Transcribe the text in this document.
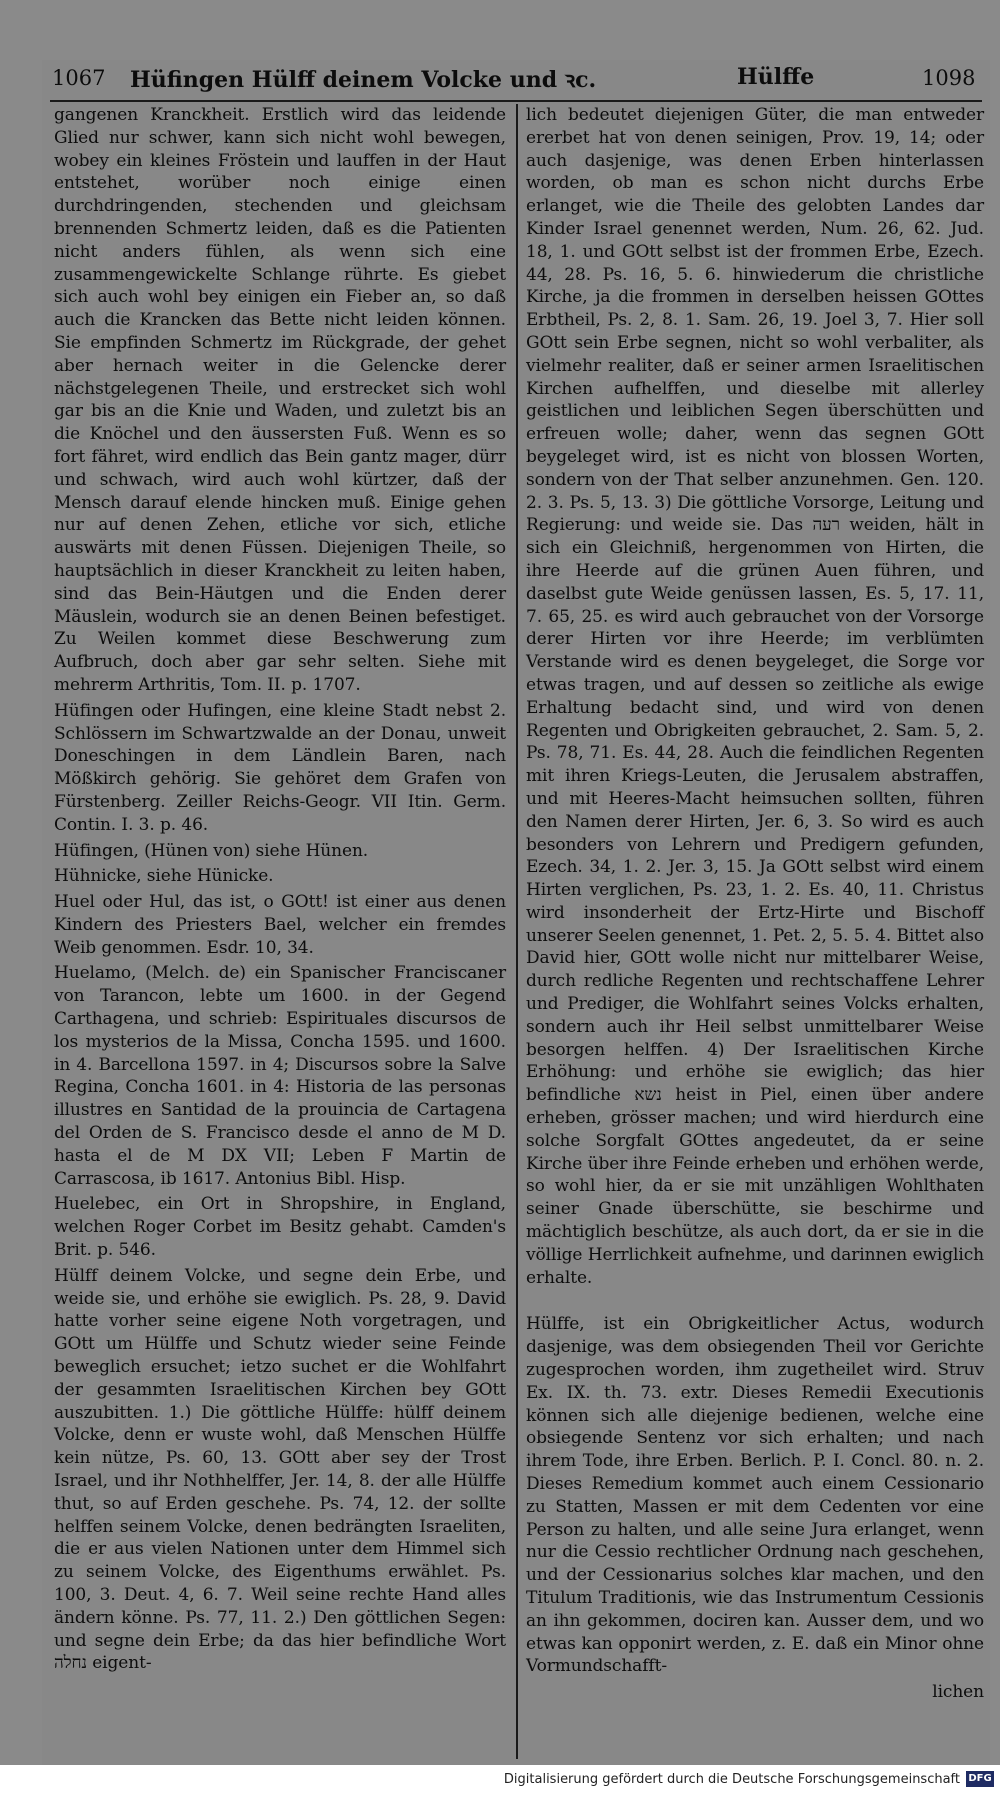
1067 Hüfingen Hülff deinem Volcke und ꝛc.	Hülffe	1098

gangenen Kranckheit. Erstlich wird das leidende Glied nur schwer, kann sich nicht wohl bewegen, wobey ein kleines Fröstein und lauffen in der Haut entstehet, worüber noch einige einen durchdringenden, stechenden und gleichsam brennenden Schmertz leiden, daß es die Patienten nicht anders fühlen, als wenn sich eine zusammengewickelte Schlange rührte. Es giebet sich auch wohl bey einigen ein Fieber an, so daß auch die Krancken das Bette nicht leiden können. Sie empfinden Schmertz im Rückgrade, der gehet aber hernach weiter in die Gelencke derer nächstgelegenen Theile, und erstrecket sich wohl gar bis an die Knie und Waden, und zuletzt bis an die Knöchel und den äussersten Fuß. Wenn es so fort fähret, wird endlich das Bein gantz mager, dürr und schwach, wird auch wohl kürtzer, daß der Mensch darauf elende hincken muß. Einige gehen nur auf denen Zehen, etliche vor sich, etliche auswärts mit denen Füssen. Diejenigen Theile, so hauptsächlich in dieser Kranckheit zu leiten haben, sind das Bein-Häutgen und die Enden derer Mäuslein, wodurch sie an denen Beinen befestiget. Zu Weilen kommet diese Beschwerung zum Aufbruch, doch aber gar sehr selten. Siehe mit mehrerm Arthritis, Tom. II. p. 1707.

Hüfingen oder Hufingen, eine kleine Stadt nebst 2. Schlössern im Schwartzwalde an der Donau, unweit Doneschingen in dem Ländlein Baren, nach Mößkirch gehörig. Sie gehöret dem Grafen von Fürstenberg. Zeiller Reichs-Geogr. VII Itin. Germ. Contin. I. 3. p. 46.

Hüfingen, (Hünen von) siehe Hünen.

Hühnicke, siehe Hünicke.

Huel oder Hul, das ist, o GOtt! ist einer aus denen Kindern des Priesters Bael, welcher ein fremdes Weib genommen. Esdr. 10, 34.

Huelamo, (Melch. de) ein Spanischer Franciscaner von Tarancon, lebte um 1600. in der Gegend Carthagena, und schrieb: Espirituales discursos de los mysterios de la Missa, Concha 1595. und 1600. in 4. Barcellona 1597. in 4; Discursos sobre la Salve Regina, Concha 1601. in 4: Historia de las personas illustres en Santidad de la prouincia de Cartagena del Orden de S. Francisco desde el anno de M D. hasta el de M DX VII; Leben F Martin de Carrascosa, ib 1617. Antonius Bibl. Hisp.

Huelebec, ein Ort in Shropshire, in England, welchen Roger Corbet im Besitz gehabt. Camden's Brit. p. 546.

Hülff deinem Volcke, und segne dein Erbe, und weide sie, und erhöhe sie ewiglich. Ps. 28, 9. David hatte vorher seine eigene Noth vorgetragen, und GOtt um Hülffe und Schutz wieder seine Feinde beweglich ersuchet; ietzo suchet er die Wohlfahrt der gesammten Israelitischen Kirchen bey GOtt auszubitten. 1.) Die göttliche Hülffe: hülff deinem Volcke, denn er wuste wohl, daß Menschen Hülffe kein nütze, Ps. 60, 13. GOtt aber sey der Trost Israel, und ihr Nothhelffer, Jer. 14, 8. der alle Hülffe thut, so auf Erden geschehe. Ps. 74, 12. der sollte helffen seinem Volcke, denen bedrängten Israeliten, die er aus vielen Nationen unter dem Himmel sich zu seinem Volcke, des Eigenthums erwählet. Ps. 100, 3. Deut. 4, 6. 7. Weil seine rechte Hand alles ändern könne. Ps. 77, 11. 2.) Den göttlichen Segen: und segne dein Erbe; da das hier befindliche Wort נחלה eigent-

lich bedeutet diejenigen Güter, die man entweder ererbet hat von denen seinigen, Prov. 19, 14; oder auch dasjenige, was denen Erben hinterlassen worden, ob man es schon nicht durchs Erbe erlanget, wie die Theile des gelobten Landes dar Kinder Israel genennet werden, Num. 26, 62. Jud. 18, 1. und GOtt selbst ist der frommen Erbe, Ezech. 44, 28. Ps. 16, 5. 6. hinwiederum die christliche Kirche, ja die frommen in derselben heissen GOttes Erbtheil, Ps. 2, 8. 1. Sam. 26, 19. Joel 3, 7. Hier soll GOtt sein Erbe segnen, nicht so wohl verbaliter, als vielmehr realiter, daß er seiner armen Israelitischen Kirchen aufhelffen, und dieselbe mit allerley geistlichen und leiblichen Segen überschütten und erfreuen wolle; daher, wenn das segnen GOtt beygeleget wird, ist es nicht von blossen Worten, sondern von der That selber anzunehmen. Gen. 120. 2. 3. Ps. 5, 13. 3) Die göttliche Vorsorge, Leitung und Regierung: und weide sie. Das רעה weiden, hält in sich ein Gleichniß, hergenommen von Hirten, die ihre Heerde auf die grünen Auen führen, und daselbst gute Weide genüssen lassen, Es. 5, 17. 11, 7. 65, 25. es wird auch gebrauchet von der Vorsorge derer Hirten vor ihre Heerde; im verblümten Verstande wird es denen beygeleget, die Sorge vor etwas tragen, und auf dessen so zeitliche als ewige Erhaltung bedacht sind, und wird von denen Regenten und Obrigkeiten gebrauchet, 2. Sam. 5, 2. Ps. 78, 71. Es. 44, 28. Auch die feindlichen Regenten mit ihren Kriegs-Leuten, die Jerusalem abstraffen, und mit Heeres-Macht heimsuchen sollten, führen den Namen derer Hirten, Jer. 6, 3. So wird es auch besonders von Lehrern und Predigern gefunden, Ezech. 34, 1. 2. Jer. 3, 15. Ja GOtt selbst wird einem Hirten verglichen, Ps. 23, 1. 2. Es. 40, 11. Christus wird insonderheit der Ertz-Hirte und Bischoff unserer Seelen genennet, 1. Pet. 2, 5. 5. 4. Bittet also David hier, GOtt wolle nicht nur mittelbarer Weise, durch redliche Regenten und rechtschaffene Lehrer und Prediger, die Wohlfahrt seines Volcks erhalten, sondern auch ihr Heil selbst unmittelbarer Weise besorgen helffen. 4) Der Israelitischen Kirche Erhöhung: und erhöhe sie ewiglich; das hier befindliche נשא heist in Piel, einen über andere erheben, grösser machen; und wird hierdurch eine solche Sorgfalt GOttes angedeutet, da er seine Kirche über ihre Feinde erheben und erhöhen werde, so wohl hier, da er sie mit unzähligen Wohlthaten seiner Gnade überschütte, sie beschirme und mächtiglich beschütze, als auch dort, da er sie in die völlige Herrlichkeit aufnehme, und darinnen ewiglich erhalte.

Hülffe, ist ein Obrigkeitlicher Actus, wodurch dasjenige, was dem obsiegenden Theil vor Gerichte zugesprochen worden, ihm zugetheilet wird. Struv Ex. IX. th. 73. extr. Dieses Remedii Executionis können sich alle diejenige bedienen, welche eine obsiegende Sentenz vor sich erhalten; und nach ihrem Tode, ihre Erben. Berlich. P. I. Concl. 80. n. 2. Dieses Remedium kommet auch einem Cessionario zu Statten, Massen er mit dem Cedenten vor eine Person zu halten, und alle seine Jura erlanget, wenn nur die Cessio rechtlicher Ordnung nach geschehen, und der Cessionarius solches klar machen, und den Titulum Traditionis, wie das Instrumentum Cessionis an ihn gekommen, dociren kan. Ausser dem, und wo etwas kan opponirt werden, z. E. daß ein Minor ohne Vormundschafft-

lichen

Digitalisierung gefördert durch die Deutsche Forschungsgemeinschaft DFG
